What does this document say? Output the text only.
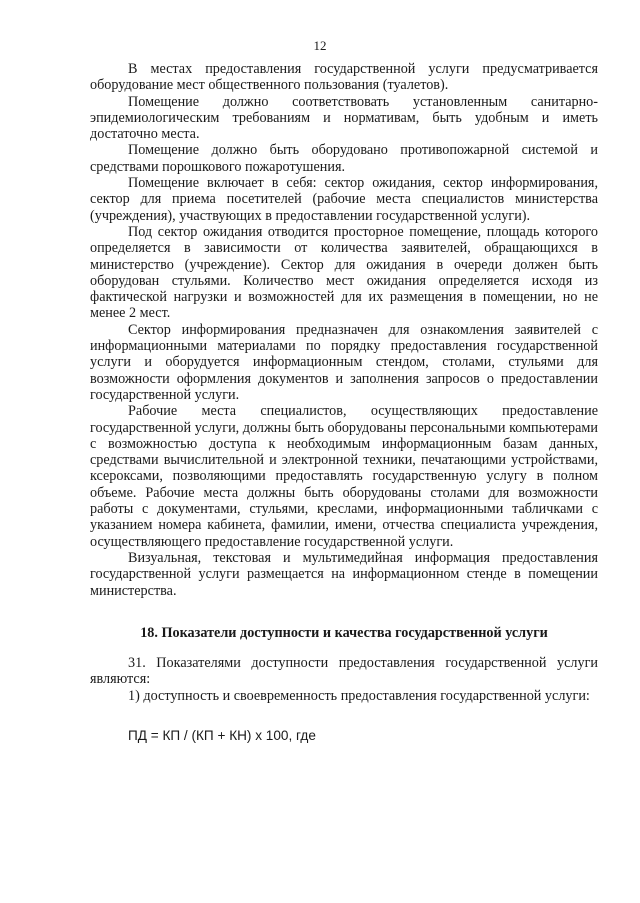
12

В местах предоставления государственной услуги предусматривается оборудование мест общественного пользования (туалетов).

Помещение должно соответствовать установленным санитарно-эпидемиологическим требованиям и нормативам, быть удобным и иметь достаточно места.

Помещение должно быть оборудовано противопожарной системой и средствами порошкового пожаротушения.

Помещение включает в себя: сектор ожидания, сектор информирования, сектор для приема посетителей (рабочие места специалистов министерства (учреждения), участвующих в предоставлении государственной услуги).

Под сектор ожидания отводится просторное помещение, площадь которого определяется в зависимости от количества заявителей, обращающихся в министерство (учреждение). Сектор для ожидания в очереди должен быть оборудован стульями. Количество мест ожидания определяется исходя из фактической нагрузки и возможностей для их размещения в помещении, но не менее 2 мест.

Сектор информирования предназначен для ознакомления заявителей с информационными материалами по порядку предоставления государственной услуги и оборудуется информационным стендом, столами, стульями для возможности оформления документов и заполнения запросов о предоставлении государственной услуги.

Рабочие места специалистов, осуществляющих предоставление государственной услуги, должны быть оборудованы персональными компьютерами с возможностью доступа к необходимым информационным базам данных, средствами вычислительной и электронной техники, печатающими устройствами, ксероксами, позволяющими предоставлять государственную услугу в полном объеме. Рабочие места должны быть оборудованы столами для возможности работы с документами, стульями, креслами, информационными табличками с указанием номера кабинета, фамилии, имени, отчества специалиста учреждения, осуществляющего предоставление государственной услуги.

Визуальная, текстовая и мультимедийная информация предоставления государственной услуги размещается на информационном стенде в помещении министерства.

18. Показатели доступности и качества государственной услуги

31. Показателями доступности предоставления государственной услуги являются:

1) доступность и своевременность предоставления государственной услуги:

ПД = КП / (КП + КН) х 100, где
